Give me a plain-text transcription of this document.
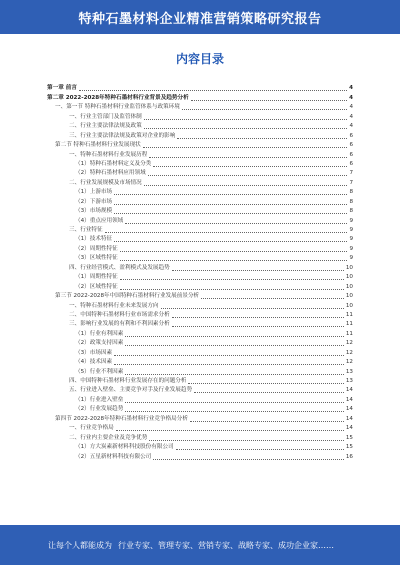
特种石墨材料企业精准营销策略研究报告
内容目录
第一章 前言	4
第二章 2022-2028年特种石墨材料行业背景及趋势分析	4
一、第一节 特种石墨材料行业监管体系与政策环境	4
一、行业主管部门及监管体制	4
二、行业主要法律法规及政策	4
三、行业主要法律法规及政策对企业的影响	6
第二节 特种石墨材料行业发展现状	6
一、特种石墨材料行业发展历程	6
（1）特种石墨材料定义及分类	6
（2）特种石墨材料应用领域	7
二、行业发展规模及市场情况	7
（1）上游市场	8
（2）下游市场	8
（3）市场规模	8
（4）重点应用领域	9
三、行业特征	9
（1）技术特征	9
（2）周期性特征	9
（3）区域性特征	9
四、行业经营模式、盈利模式及发展趋势	10
（1）周期性特征	10
（2）区域性特征	10
第三节 2022-2028年中国特种石墨材料行业发展前景分析	10
一、特种石墨材料行业未来发展方向	10
二、中国特种石墨材料行业市场需求分析	11
三、影响行业发展的有利和不利因素分析	11
（1）行业有利因素	11
（2）政策支持因素	12
（3）市场因素	12
（4）技术因素	12
（5）行业不利因素	13
四、中国特种石墨材料行业发展存在的问题分析	13
五、行业进入壁垒、主要竞争对手及行业发展趋势	14
（1）行业进入壁垒	14
（2）行业发展趋势	14
第四节 2022-2028年特种石墨材料行业竞争格局分析	14
一、行业竞争格局	14
二、行业内主要企业及竞争优势	15
（1）方大炭素新材料科技股份有限公司	15
（2）五星新材料科技有限公司	16
让每个人都能成为 行业专家、管理专家、营销专家、战略专家、成功企业家……
